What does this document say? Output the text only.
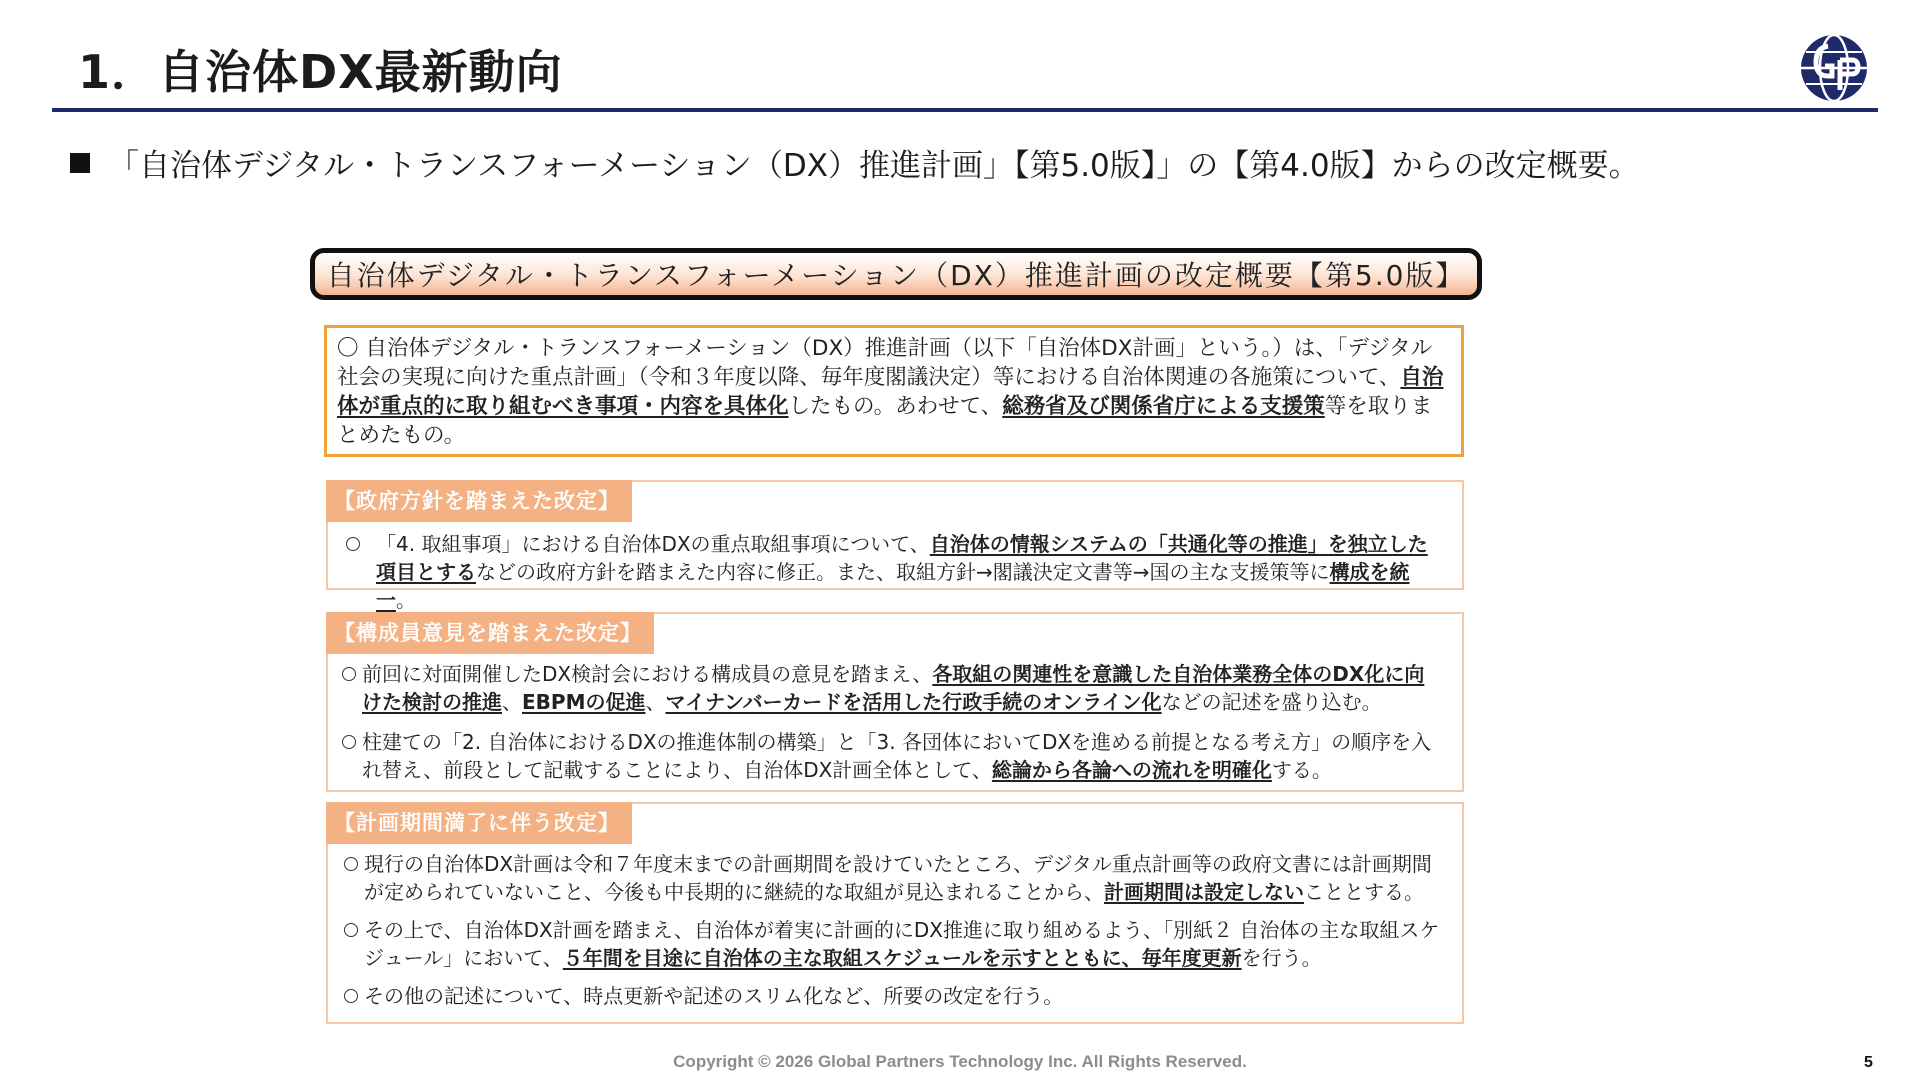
1．自治体DX最新動向
「自治体デジタル・トランスフォーメーション（DX）推進計画」【第5.0版】」の【第4.0版】からの改定概要。
自治体デジタル・トランスフォーメーション（DX）推進計画の改定概要【第5.0版】
〇 自治体デジタル・トランスフォーメーション（DX）推進計画（以下「自治体DX計画」という。）は、「デジタル社会の実現に向けた重点計画」（令和３年度以降、毎年度閣議決定）等における自治体関連の各施策について、自治体が重点的に取り組むべき事項・内容を具体化したもの。あわせて、総務省及び関係省庁による支援策等を取りまとめたもの。
【政府方針を踏まえた改定】
「4. 取組事項」における自治体DXの重点取組事項について、自治体の情報システムの「共通化等の推進」を独立した項目とするなどの政府方針を踏まえた内容に修正。また、取組方針→閣議決定文書等→国の主な支援策等に構成を統一。
【構成員意見を踏まえた改定】
前回に対面開催したDX検討会における構成員の意見を踏まえ、各取組の関連性を意識した自治体業務全体のDX化に向けた検討の推進、EBPMの促進、マイナンバーカードを活用した行政手続のオンライン化などの記述を盛り込む。
柱建ての「2. 自治体におけるDXの推進体制の構築」と「3. 各団体においてDXを進める前提となる考え方」の順序を入れ替え、前段として記載することにより、自治体DX計画全体として、総論から各論への流れを明確化する。
【計画期間満了に伴う改定】
現行の自治体DX計画は令和７年度末までの計画期間を設けていたところ、デジタル重点計画等の政府文書には計画期間が定められていないこと、今後も中長期的に継続的な取組が見込まれることから、計画期間は設定しないこととする。
その上で、自治体DX計画を踏まえ、自治体が着実に計画的にDX推進に取り組めるよう、「別紙２ 自治体の主な取組スケジュール」において、５年間を目途に自治体の主な取組スケジュールを示すとともに、毎年度更新を行う。
その他の記述について、時点更新や記述のスリム化など、所要の改定を行う。
Copyright © 2026 Global Partners Technology Inc. All Rights Reserved.	5
